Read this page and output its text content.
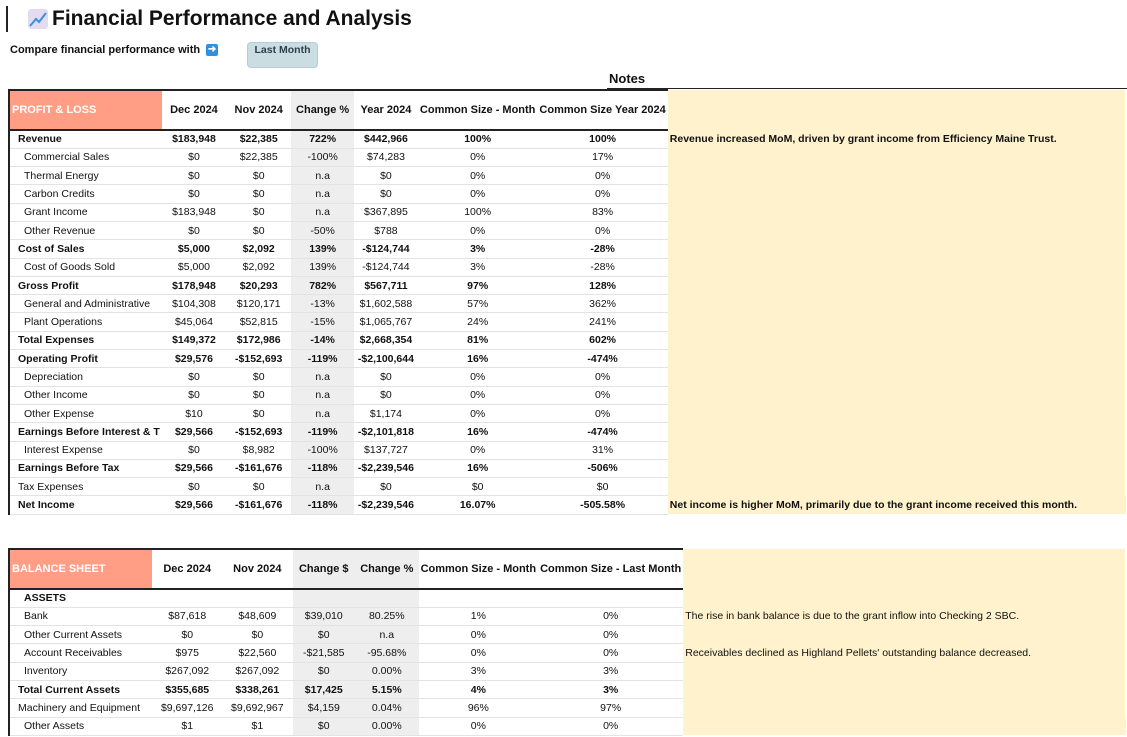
Financial Performance and Analysis
Compare financial performance with ➜	Last Month
Notes
PROFIT & LOSS	Dec 2024	Nov 2024	Change %	Year 2024	Common Size - Month	Common Size Year 2024	
Revenue	$183,948	$22,385	722%	$442,966	100%	100%	Revenue increased MoM, driven by grant income from Efficiency Maine Trust.
Commercial Sales	$0	$22,385	-100%	$74,283	0%	17%	
Thermal Energy	$0	$0	n.a	$0	0%	0%	
Carbon Credits	$0	$0	n.a	$0	0%	0%	
Grant Income	$183,948	$0	n.a	$367,895	100%	83%	
Other Revenue	$0	$0	-50%	$788	0%	0%	
Cost of Sales	$5,000	$2,092	139%	-$124,744	3%	-28%	
Cost of Goods Sold	$5,000	$2,092	139%	-$124,744	3%	-28%	
Gross Profit	$178,948	$20,293	782%	$567,711	97%	128%	
General and Administrative	$104,308	$120,171	-13%	$1,602,588	57%	362%	
Plant Operations	$45,064	$52,815	-15%	$1,065,767	24%	241%	
Total Expenses	$149,372	$172,986	-14%	$2,668,354	81%	602%	
Operating Profit	$29,576	-$152,693	-119%	-$2,100,644	16%	-474%	
Depreciation	$0	$0	n.a	$0	0%	0%	
Other Income	$0	$0	n.a	$0	0%	0%	
Other Expense	$10	$0	n.a	$1,174	0%	0%	
Earnings Before Interest & T	$29,566	-$152,693	-119%	-$2,101,818	16%	-474%	
Interest Expense	$0	$8,982	-100%	$137,727	0%	31%	
Earnings Before Tax	$29,566	-$161,676	-118%	-$2,239,546	16%	-506%	
Tax Expenses	$0	$0	n.a	$0	$0	$0	
Net Income	$29,566	-$161,676	-118%	-$2,239,546	16.07%	-505.58%	Net income is higher MoM, primarily due to the grant income received this month.
BALANCE SHEET	Dec 2024	Nov 2024	Change $	Change %	Common Size - Month	Common Size - Last Month	
ASSETS							
Bank	$87,618	$48,609	$39,010	80.25%	1%	0%	The rise in bank balance is due to the grant inflow into Checking 2 SBC.
Other Current Assets	$0	$0	$0	n.a	0%	0%	
Account Receivables	$975	$22,560	-$21,585	-95.68%	0%	0%	Receivables declined as Highland Pellets' outstanding balance decreased.
Inventory	$267,092	$267,092	$0	0.00%	3%	3%	
Total Current Assets	$355,685	$338,261	$17,425	5.15%	4%	3%	
Machinery and Equipment	$9,697,126	$9,692,967	$4,159	0.04%	96%	97%	
Other Assets	$1	$1	$0	0.00%	0%	0%	
